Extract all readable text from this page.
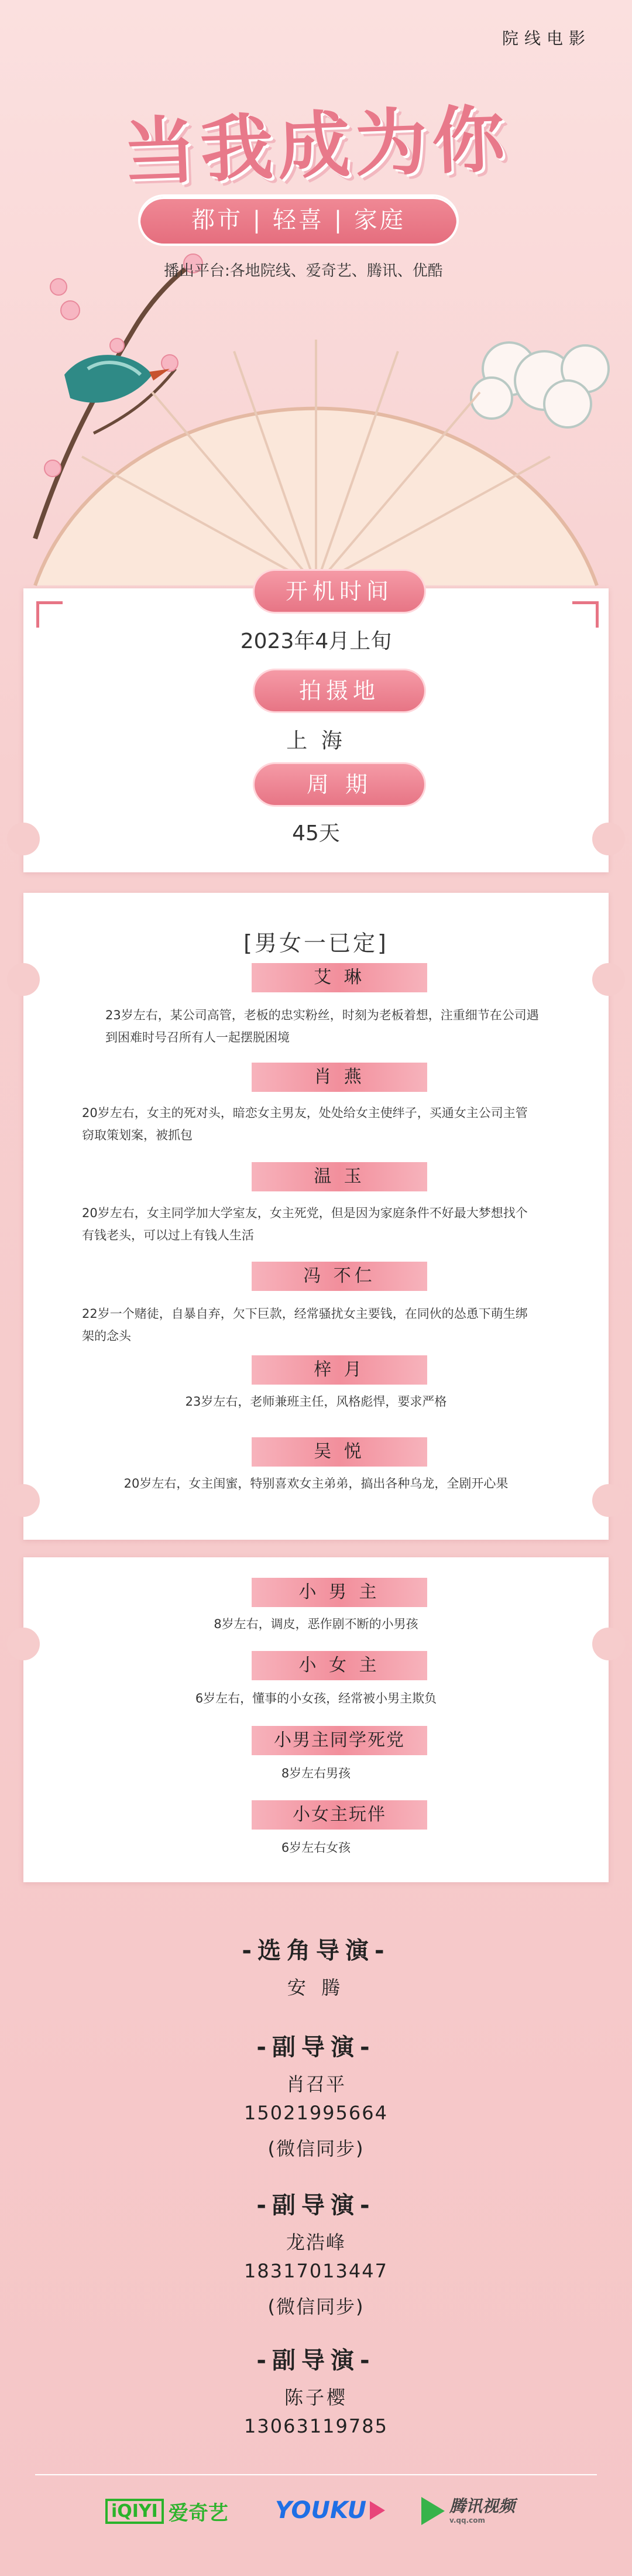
院线电影
当我成为你
都市 | 轻喜 | 家庭
播出平台:各地院线、爱奇艺、腾讯、优酷
开机时间
2023年4月上旬
拍摄地
上 海
周 期
45天
[男女一已定]
艾 琳
23岁左右，某公司高管，老板的忠实粉丝，时刻为老板着想，注重细节在公司遇到困难时号召所有人一起摆脱困境
肖 燕
20岁左右，女主的死对头，暗恋女主男友，处处给女主使绊子，买通女主公司主管窃取策划案，被抓包
温 玉
20岁左右，女主同学加大学室友，女主死党，但是因为家庭条件不好最大梦想找个有钱老头，可以过上有钱人生活
冯 不仁
22岁一个赌徒，自暴自弃，欠下巨款，经常骚扰女主要钱，在同伙的怂恿下萌生绑架的念头
梓 月
23岁左右，老师兼班主任，风格彪悍，要求严格
吴 悦
20岁左右，女主闺蜜，特别喜欢女主弟弟，搞出各种乌龙，全剧开心果
小 男 主
8岁左右，调皮，恶作剧不断的小男孩
小 女 主
6岁左右，懂事的小女孩，经常被小男主欺负
小男主同学死党
8岁左右男孩
小女主玩伴
6岁左右女孩
-选角导演-
安 腾
-副导演-
肖召平
15021995664
(微信同步)
-副导演-
龙浩峰
18317013447
(微信同步)
-副导演-
陈子樱
13063119785
iQIYI 爱奇艺 YOUKU	腾讯视频
v.qq.com
